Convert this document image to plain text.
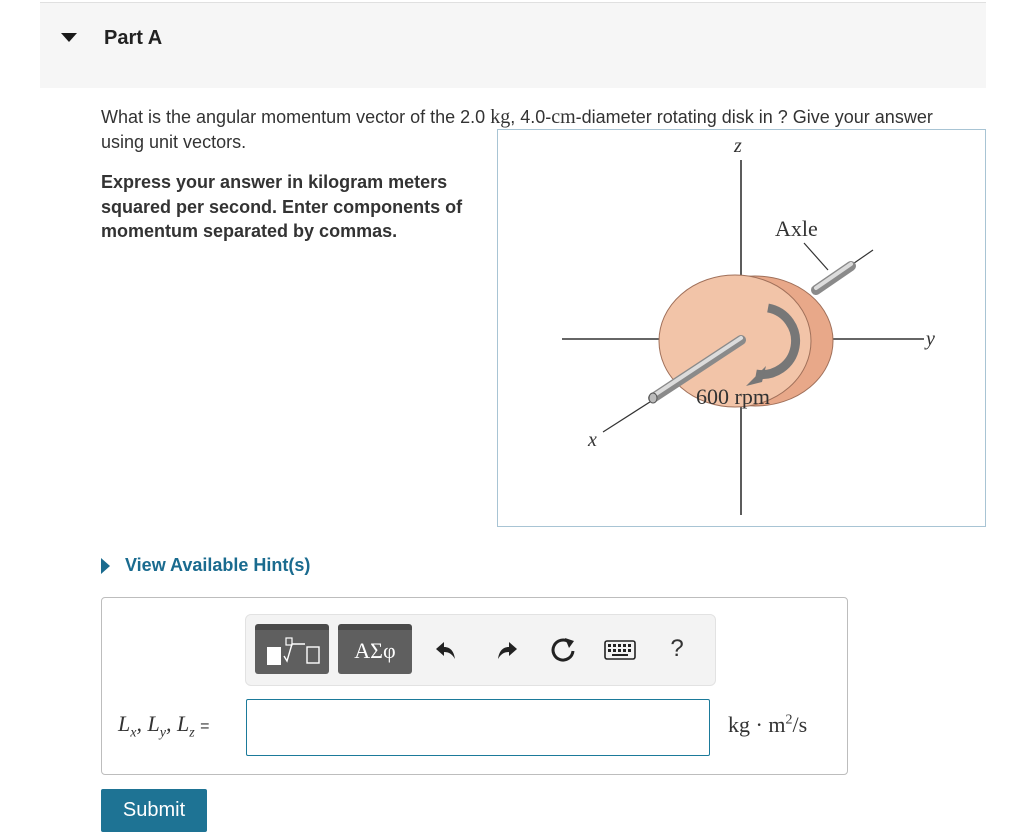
Part A
What is the angular momentum vector of the 2.0 kg, 4.0-cm-diameter rotating disk in ? Give your answer using unit vectors.
Express your answer in kilogram meters squared per second. Enter components of momentum separated by commas.
z
y
x
Axle
600 rpm
View Available Hint(s)
ΑΣφ	?
$L_x$, $L_y$, $L_z$ =	kg · $m^2/s$
Submit
